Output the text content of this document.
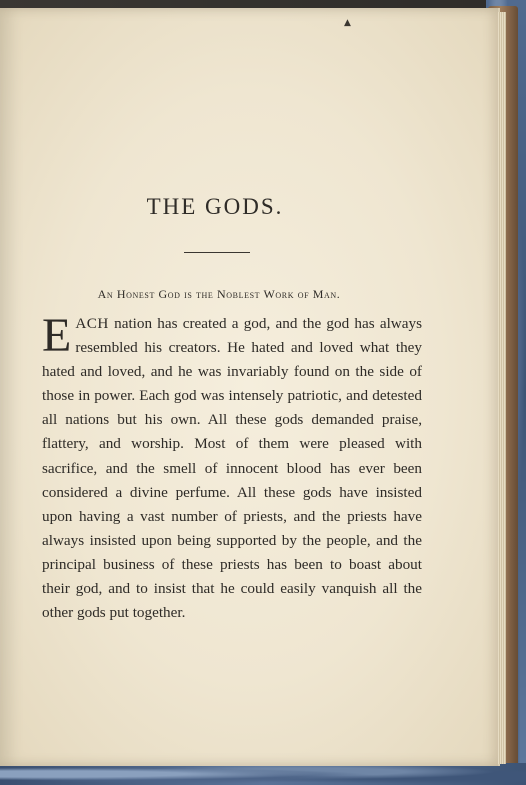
▲
THE GODS.

An Honest God is the Noblest Work of Man.

EACH nation has created a god, and the god has always resembled his creators. He hated and loved what they hated and loved, and he was invariably found on the side of those in power. Each god was intensely patriotic, and detested all nations but his own. All these gods demanded praise, flattery, and worship. Most of them were pleased with sacrifice, and the smell of innocent blood has ever been considered a divine perfume. All these gods have insisted upon having a vast number of priests, and the priests have always insisted upon being supported by the people, and the principal business of these priests has been to boast about their god, and to insist that he could easily vanquish all the other gods put together.
